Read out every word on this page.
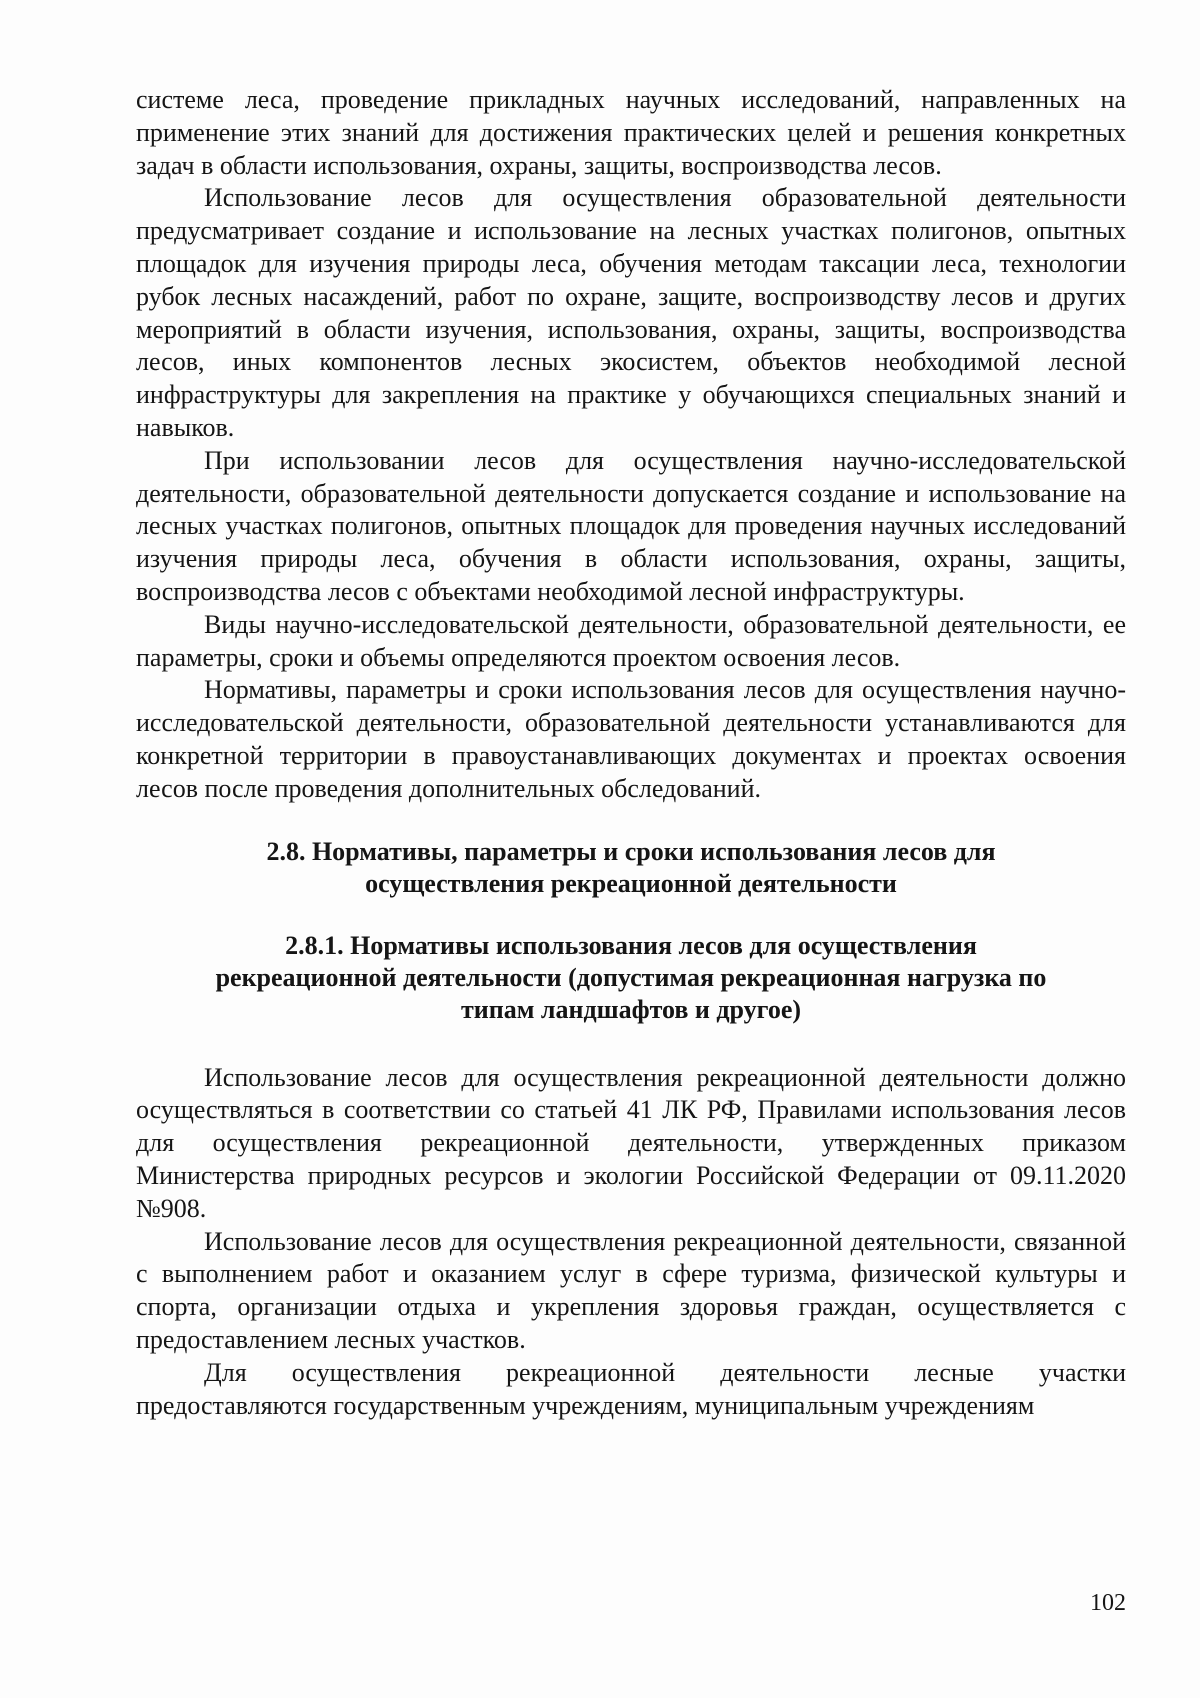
системе леса, проведение прикладных научных исследований, направленных на применение этих знаний для достижения практических целей и решения конкретных задач в области использования, охраны, защиты, воспроизводства лесов.

Использование лесов для осуществления образовательной деятельности предусматривает создание и использование на лесных участках полигонов, опытных площадок для изучения природы леса, обучения методам таксации леса, технологии рубок лесных насаждений, работ по охране, защите, воспроизводству лесов и других мероприятий в области изучения, использования, охраны, защиты, воспроизводства лесов, иных компонентов лесных экосистем, объектов необходимой лесной инфраструктуры для закрепления на практике у обучающихся специальных знаний и навыков.

При использовании лесов для осуществления научно-исследовательской деятельности, образовательной деятельности допускается создание и использование на лесных участках полигонов, опытных площадок для проведения научных исследований изучения природы леса, обучения в области использования, охраны, защиты, воспроизводства лесов с объектами необходимой лесной инфраструктуры.

Виды научно-исследовательской деятельности, образовательной деятельности, ее параметры, сроки и объемы определяются проектом освоения лесов.

Нормативы, параметры и сроки использования лесов для осуществления научно-исследовательской деятельности, образовательной деятельности устанавливаются для конкретной территории в правоустанавливающих документах и проектах освоения лесов после проведения дополнительных обследований.

2.8. Нормативы, параметры и сроки использования лесов для
осуществления рекреационной деятельности
2.8.1. Нормативы использования лесов для осуществления
рекреационной деятельности (допустимая рекреационная нагрузка по
типам ландшафтов и другое)

Использование лесов для осуществления рекреационной деятельности должно осуществляться в соответствии со статьей 41 ЛК РФ, Правилами использования лесов для осуществления рекреационной деятельности, утвержденных приказом Министерства природных ресурсов и экологии Российской Федерации от 09.11.2020 №908.

Использование лесов для осуществления рекреационной деятельности, связанной с выполнением работ и оказанием услуг в сфере туризма, физической культуры и спорта, организации отдыха и укрепления здоровья граждан, осуществляется с предоставлением лесных участков.

Для осуществления рекреационной деятельности лесные участки предоставляются государственным учреждениям, муниципальным учреждениям

102
